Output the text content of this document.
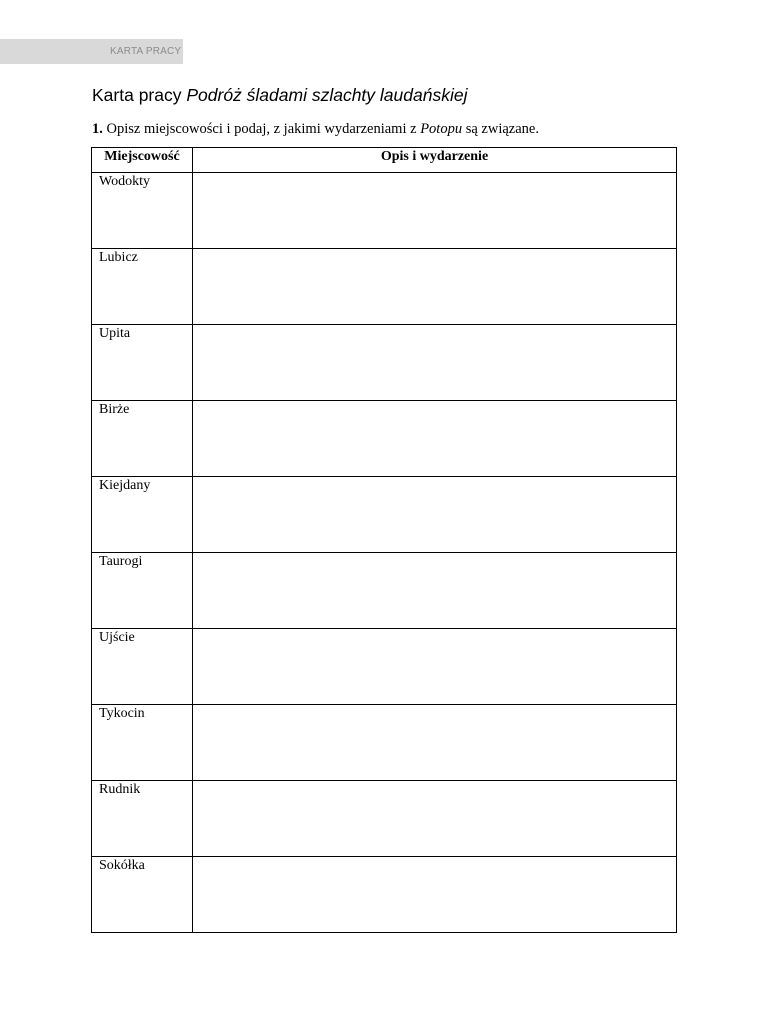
KARTA PRACY
Karta pracy Podróż śladami szlachty laudańskiej
1. Opisz miejscowości i podaj, z jakimi wydarzeniami z Potopu są związane.
Miejscowość	Opis i wydarzenie
Wodokty	
Lubicz	
Upita	
Birże	
Kiejdany	
Taurogi	
Ujście	
Tykocin	
Rudnik	
Sokółka	
